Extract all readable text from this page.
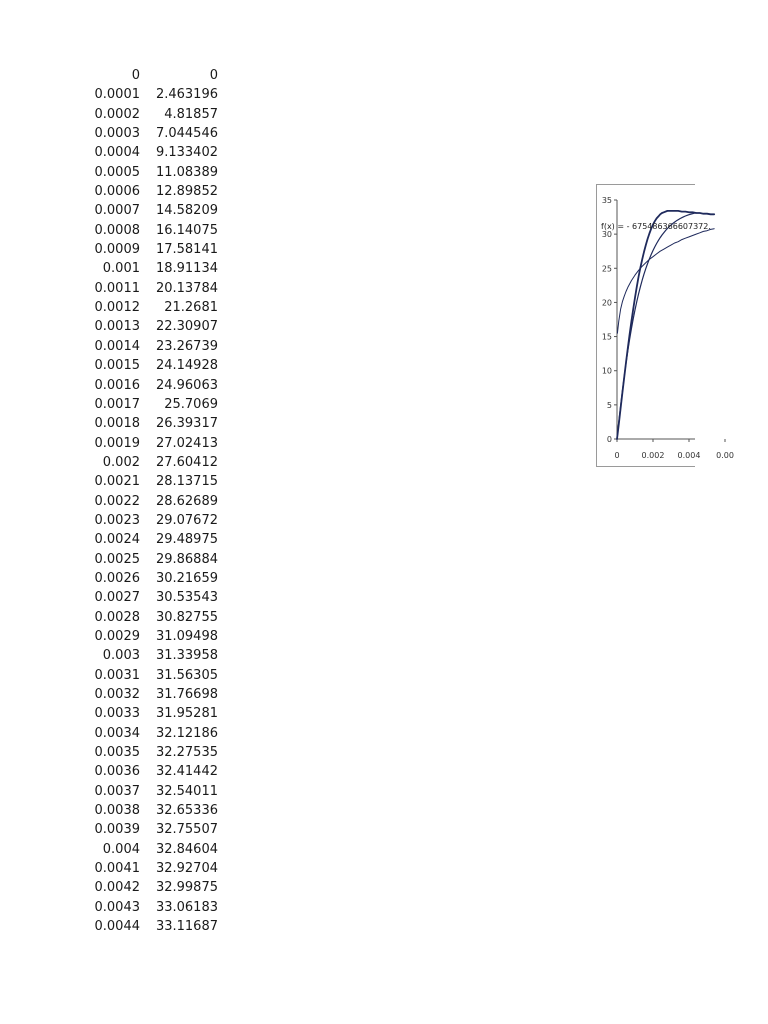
0	0
0.0001	2.463196
0.0002	4.81857
0.0003	7.044546
0.0004	9.133402
0.0005	11.08389
0.0006	12.89852
0.0007	14.58209
0.0008	16.14075
0.0009	17.58141
0.001	18.91134
0.0011	20.13784
0.0012	21.2681
0.0013	22.30907
0.0014	23.26739
0.0015	24.14928
0.0016	24.96063
0.0017	25.7069
0.0018	26.39317
0.0019	27.02413
0.002	27.60412
0.0021	28.13715
0.0022	28.62689
0.0023	29.07672
0.0024	29.48975
0.0025	29.86884
0.0026	30.21659
0.0027	30.53543
0.0028	30.82755
0.0029	31.09498
0.003	31.33958
0.0031	31.56305
0.0032	31.76698
0.0033	31.95281
0.0034	32.12186
0.0035	32.27535
0.0036	32.41442
0.0037	32.54011
0.0038	32.65336
0.0039	32.75507
0.004	32.84604
0.0041	32.92704
0.0042	32.99875
0.0043	33.06183
0.0044	33.11687
0
5
10
15
20
25
30
35
0	0.002 0.004 0.00
f(x) = - 675486366607372.
